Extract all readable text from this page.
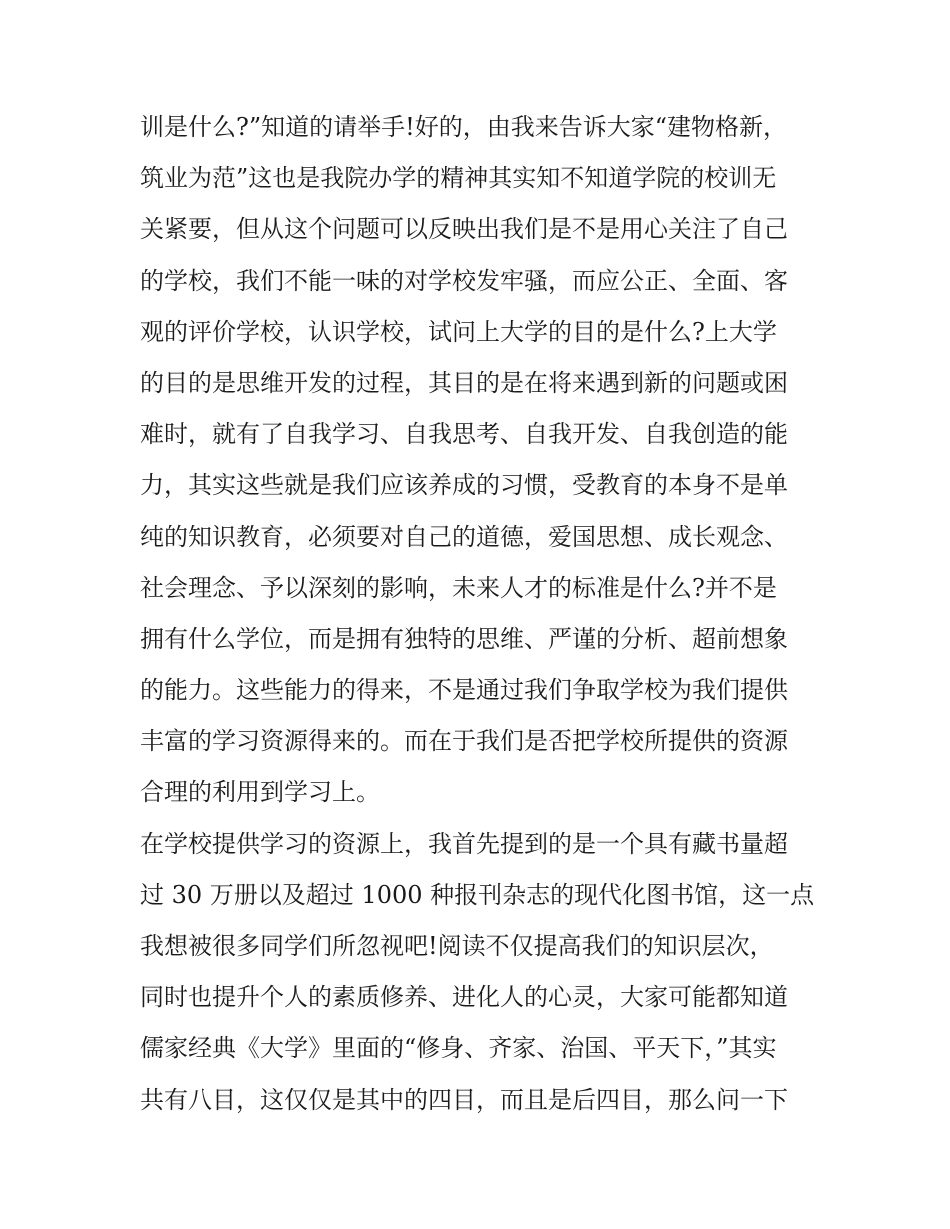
训是什么?”知道的请举手!好的，由我来告诉大家“建物格新，
筑业为范”这也是我院办学的精神其实知不知道学院的校训无
关紧要，但从这个问题可以反映出我们是不是用心关注了自己
的学校，我们不能一味的对学校发牢骚，而应公正、全面、客
观的评价学校，认识学校，试问上大学的目的是什么?上大学
的目的是思维开发的过程，其目的是在将来遇到新的问题或困
难时，就有了自我学习、自我思考、自我开发、自我创造的能
力，其实这些就是我们应该养成的习惯，受教育的本身不是单
纯的知识教育，必须要对自己的道德，爱国思想、成长观念、
社会理念、予以深刻的影响，未来人才的标准是什么?并不是
拥有什么学位，而是拥有独特的思维、严谨的分析、超前想象
的能力。这些能力的得来，不是通过我们争取学校为我们提供
丰富的学习资源得来的。而在于我们是否把学校所提供的资源
合理的利用到学习上。
在学校提供学习的资源上，我首先提到的是一个具有藏书量超
过 30 万册以及超过 1000 种报刊杂志的现代化图书馆，这一点
我想被很多同学们所忽视吧!阅读不仅提高我们的知识层次，
同时也提升个人的素质修养、进化人的心灵，大家可能都知道
儒家经典《大学》里面的“修身、齐家、治国、平天下，”其实
共有八目，这仅仅是其中的四目，而且是后四目，那么问一下
